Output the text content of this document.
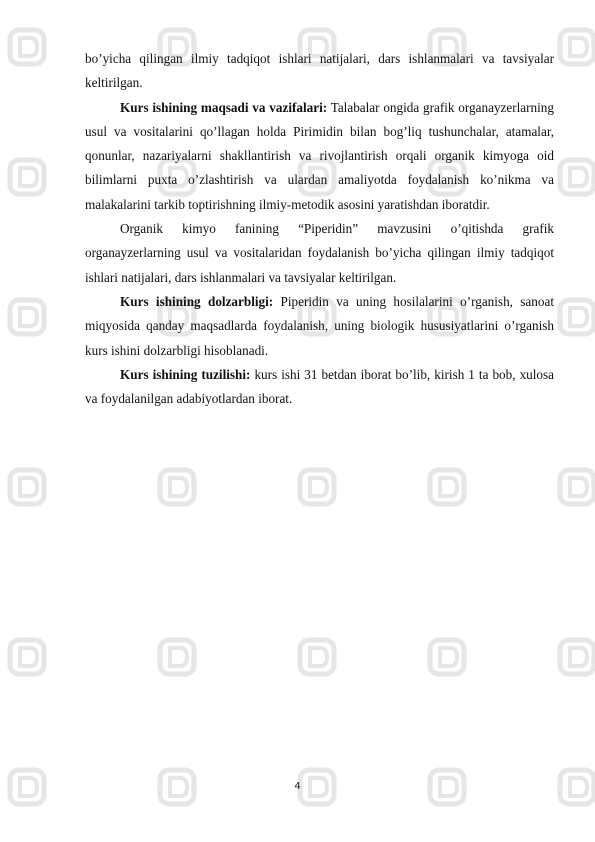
bo’yicha qilingan ilmiy tadqiqot ishlari natijalari, dars ishlanmalari va tavsiyalar keltirilgan.

Kurs ishining maqsadi va vazifalari: Talabalar ongida grafik organayzerlarning usul va vositalarini qo’llagan holda Pirimidin bilan bog’liq tushunchalar, atamalar, qonunlar, nazariyalarni shakllantirish va rivojlantirish orqali organik kimyoga oid bilimlarni puxta o’zlashtirish va ulardan amaliyotda foydalanish ko’nikma va malakalarini tarkib toptirishning ilmiy-metodik asosini yaratishdan iboratdir.

Organik kimyo fanining “Piperidin” mavzusini o’qitishda grafik organayzerlarning usul va vositalaridan foydalanish bo’yicha qilingan ilmiy tadqiqot ishlari natijalari, dars ishlanmalari va tavsiyalar keltirilgan.

Kurs ishining dolzarbligi: Piperidin va uning hosilalarini o’rganish, sanoat miqyosida qanday maqsadlarda foydalanish, uning biologik hususiyatlarini o’rganish kurs ishini dolzarbligi hisoblanadi.

Kurs ishining tuzilishi: kurs ishi 31 betdan iborat bo’lib, kirish 1 ta bob, xulosa va foydalanilgan adabiyotlardan iborat.

4
